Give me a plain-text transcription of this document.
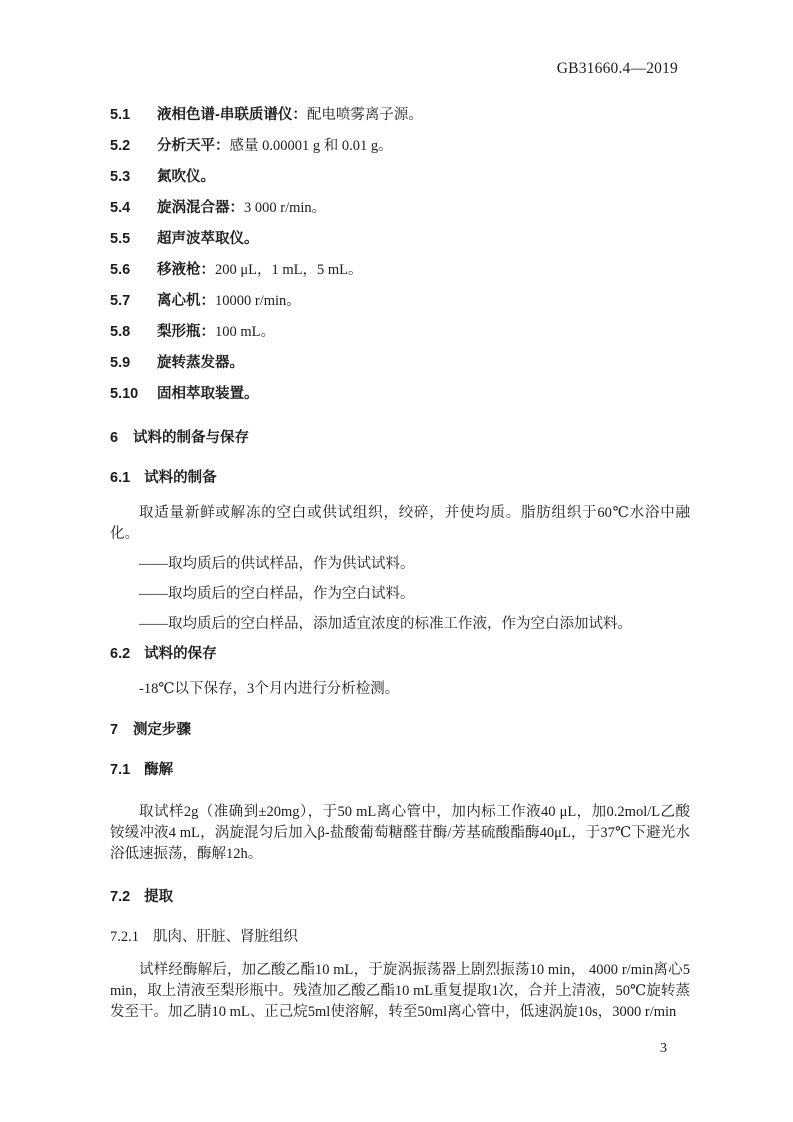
GB31660.4—2019
5.1 液相色谱-串联质谱仪：配电喷雾离子源。
5.2 分析天平：感量 0.00001 g 和 0.01 g。
5.3 氮吹仪。
5.4 旋涡混合器：3 000 r/min。
5.5 超声波萃取仪。
5.6 移液枪：200 μL，1 mL，5 mL。
5.7 离心机：10000 r/min。
5.8 梨形瓶：100 mL。
5.9 旋转蒸发器。
5.10 固相萃取装置。
6 试料的制备与保存
6.1 试料的制备
取适量新鲜或解冻的空白或供试组织，绞碎，并使均质。脂肪组织于60℃水浴中融化。
——取均质后的供试样品，作为供试试料。
——取均质后的空白样品，作为空白试料。
——取均质后的空白样品，添加适宜浓度的标准工作液，作为空白添加试料。
6.2 试料的保存
-18℃以下保存，3个月内进行分析检测。
7 测定步骤
7.1 酶解
取试样2g（准确到±20mg），于50 mL离心管中，加内标工作液40 μL，加0.2mol/L乙酸铵缓冲液4 mL，涡旋混匀后加入β-盐酸葡萄糖醛苷酶/芳基硫酸酯酶40μL，于37℃下避光水浴低速振荡，酶解12h。
7.2 提取
7.2.1 肌肉、肝脏、肾脏组织
试样经酶解后，加乙酸乙酯10 mL，于旋涡振荡器上剧烈振荡10 min， 4000 r/min离心5 min，取上清液至梨形瓶中。残渣加乙酸乙酯10 mL重复提取1次，合并上清液，50℃旋转蒸发至干。加乙腈10 mL、正己烷5ml使溶解，转至50ml离心管中，低速涡旋10s，3000 r/min
3
